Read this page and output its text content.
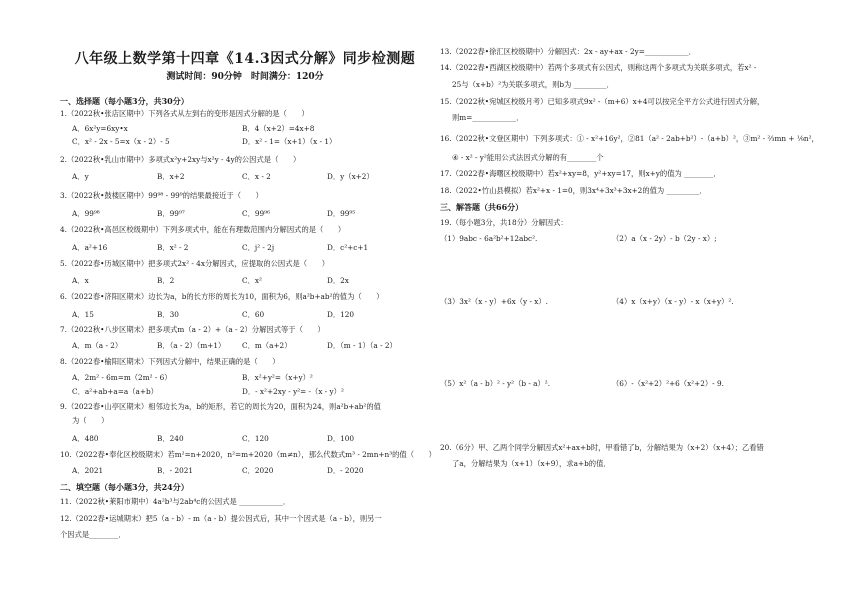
八年级上数学第十四章《14.3因式分解》同步检测题
测试时间：90分钟　时间满分：120分
一、选择题（每小题3分，共30分）
1.（2022秋•张店区期中）下列各式从左到右的变形是因式分解的是（　　）
A．6x²y=6xy•x	B．4（x+2）=4x+8
C．x² - 2x - 5=x（x - 2）- 5	D．x² - 1=（x+1）（x - 1）
2.（2022秋•乳山市期中）多项式x²y+2xy与x²y - 4y的公因式是（　　）
A．y	B．x+2	C．x - 2	D．y（x+2）
3.（2022秋•鼓楼区期中）99⁹⁸ - 99⁹的结果最接近于（　　）
A．99⁹⁸	B．99⁹⁷	C．99⁹⁶	D．99⁹⁵
4.（2022秋•高邑区校级期中）下列多项式中，能在有理数范围内分解因式的是（　　）
A．a²+16	B．x² - 2	C．j² - 2j	D．c²+c+1
5.（2022春•历城区期中）把多项式2x² - 4x分解因式，应提取的公因式是（　　）
A．x	B．2	C．x²	D．2x
6.（2022春•济阳区期末）边长为a，b的长方形的周长为10，面积为6，则a²b+ab²的值为（　　）
A．15	B．30	C．60	D．120
7.（2022秋•八步区期末）把多项式m（a - 2）+（a - 2）分解因式等于（　　）
A．m（a - 2）	B．（a - 2）（m+1） C．m（a+2）	D．（m - 1）（a - 2）
8.（2022春•榆阳区期末）下列因式分解中，结果正确的是（　　）
A．2m² - 6m=m（2m² - 6）	B．x²+y²=（x+y）²
C．a²+ab+a=a（a+b）	D．- x²+2xy - y²= -（x - y）²
9.（2022春•山亭区期末）相邻边长为a，b的矩形，若它的周长为20，面积为24，则a²b+ab²的值
为（　　）
A．480	B．240	C．120	D．100
10.（2022春•奉化区校级期末）若m²=n+2020，n²=m+2020（m≠n），那么代数式m³ - 2mn+n³的值（　　）
A．2021	B．- 2021	C．2020	D．- 2020
二、填空题（每小题3分，共24分）
11.（2022秋•莱阳市期中）4a²b³与2ab⁴c的公因式是 ____________．
12.（2022春•运城期末）把5（a - b）- m（a - b）提公因式后，其中一个因式是（a - b），则另一
个因式是________．
13.（2022春•徐汇区校级期中）分解因式：2x - ay+ax - 2y=____________．
14.（2022春•西湖区校级期中）若两个多项式有公因式，则称这两个多项式为关联多项式，若x² -
25与（x+b）²为关联多项式，则b为 _________．
15.（2022秋•宛城区校级月考）已知多项式9x² -（m+6）x+4可以按完全平方公式进行因式分解，
则m=____________．
16.（2022秋•文登区期中）下列多项式：① - x²+16y²，②81（a² - 2ab+b²）-（a+b）²，③m² - ⅔mn + ⅑n²，
④ - x² - y²能用公式法因式分解的有________个
17.（2022春•海曙区校级期中）若x²+xy=8，y²+xy=17，则x+y的值为 ________．
18.（2022•竹山县模拟）若x²+x - 1=0，则3x⁴+3x³+3x+2的值为 _________．
三、解答题（共66分）
19.（每小题3分，共18分）分解因式：
（1）9abc - 6a²b²+12abc².	（2）a（x - 2y）- b（2y - x）;
（3）3x²（x - y）+6x（y - x）.	（4）x（x+y）（x - y）- x（x+y）².
（5）x²（a - b）² - y²（b - a）².	（6）-（x²+2）²+6（x²+2）- 9.
20.（6分）甲、乙两个同学分解因式x²+ax+b时，甲看错了b，分解结果为（x+2）（x+4）；乙看错
了a，分解结果为（x+1）（x+9），求a+b的值．
